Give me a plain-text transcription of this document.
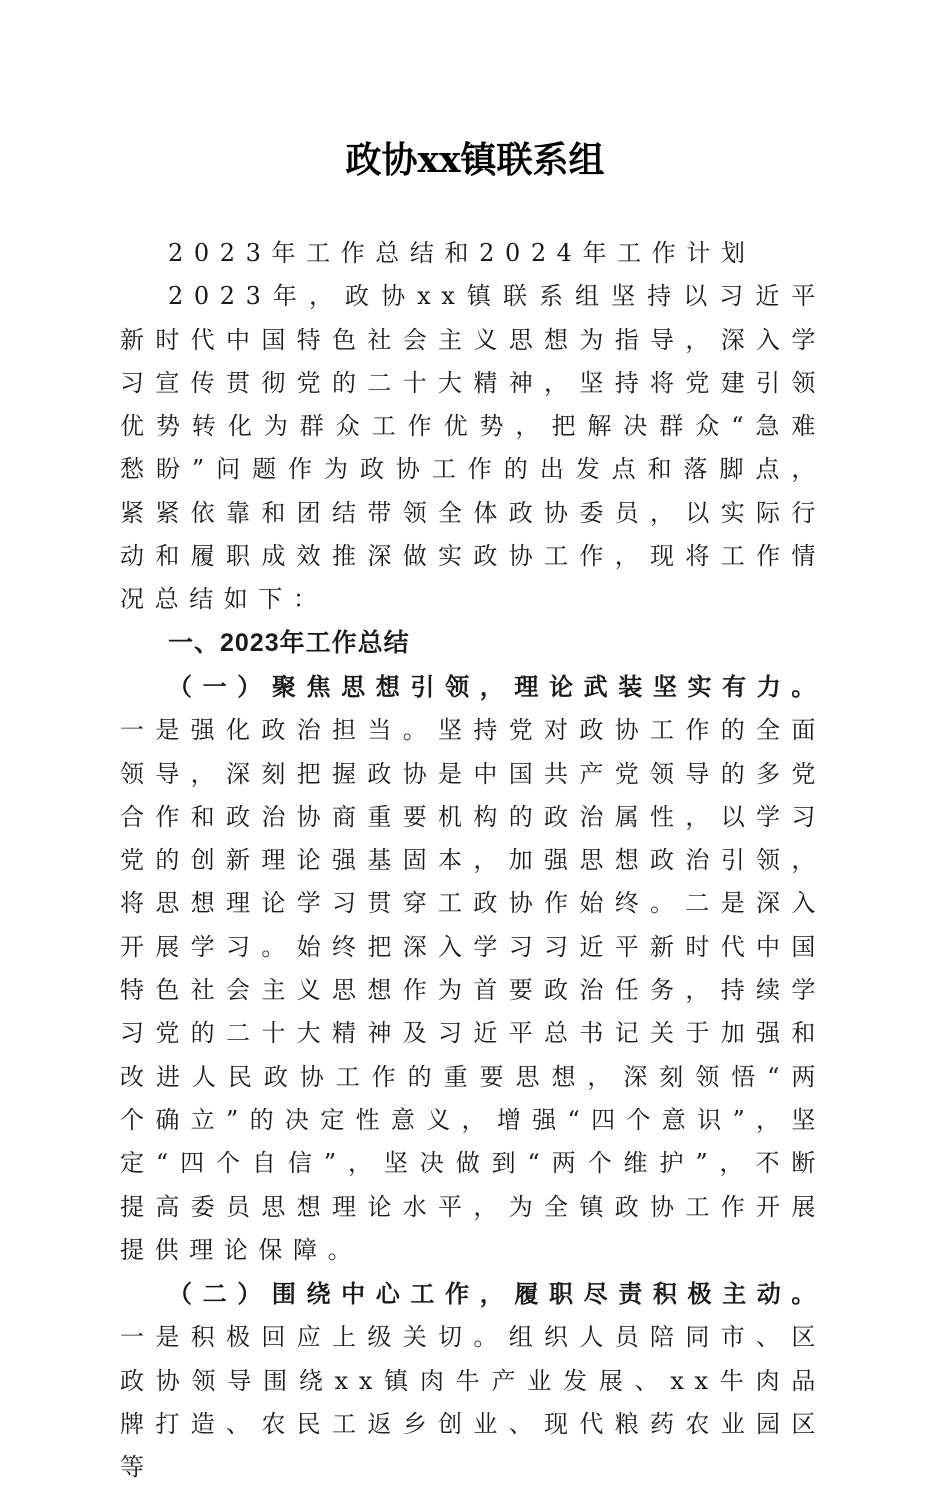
政协xx镇联系组

2023年工作总结和2024年工作计划

2023年，政协xx镇联系组坚持以习近平新时代中国特色社会主义思想为指导，深入学习宣传贯彻党的二十大精神，坚持将党建引领优势转化为群众工作优势，把解决群众“急难愁盼”问题作为政协工作的出发点和落脚点，紧紧依靠和团结带领全体政协委员，以实际行动和履职成效推深做实政协工作，现将工作情况总结如下：

一、2023年工作总结

（一）聚焦思想引领，理论武装坚实有力。一是强化政治担当。坚持党对政协工作的全面领导，深刻把握政协是中国共产党领导的多党合作和政治协商重要机构的政治属性，以学习党的创新理论强基固本，加强思想政治引领，将思想理论学习贯穿工政协作始终。二是深入开展学习。始终把深入学习习近平新时代中国特色社会主义思想作为首要政治任务，持续学习党的二十大精神及习近平总书记关于加强和改进人民政协工作的重要思想，深刻领悟“两个确立”的决定性意义，增强“四个意识”，坚定“四个自信”，坚决做到“两个维护”，不断提高委员思想理论水平，为全镇政协工作开展提供理论保障。

（二）围绕中心工作，履职尽责积极主动。一是积极回应上级关切。组织人员陪同市、区政协领导围绕xx镇肉牛产业发展、xx牛肉品牌打造、农民工返乡创业、现代粮药农业园区等
